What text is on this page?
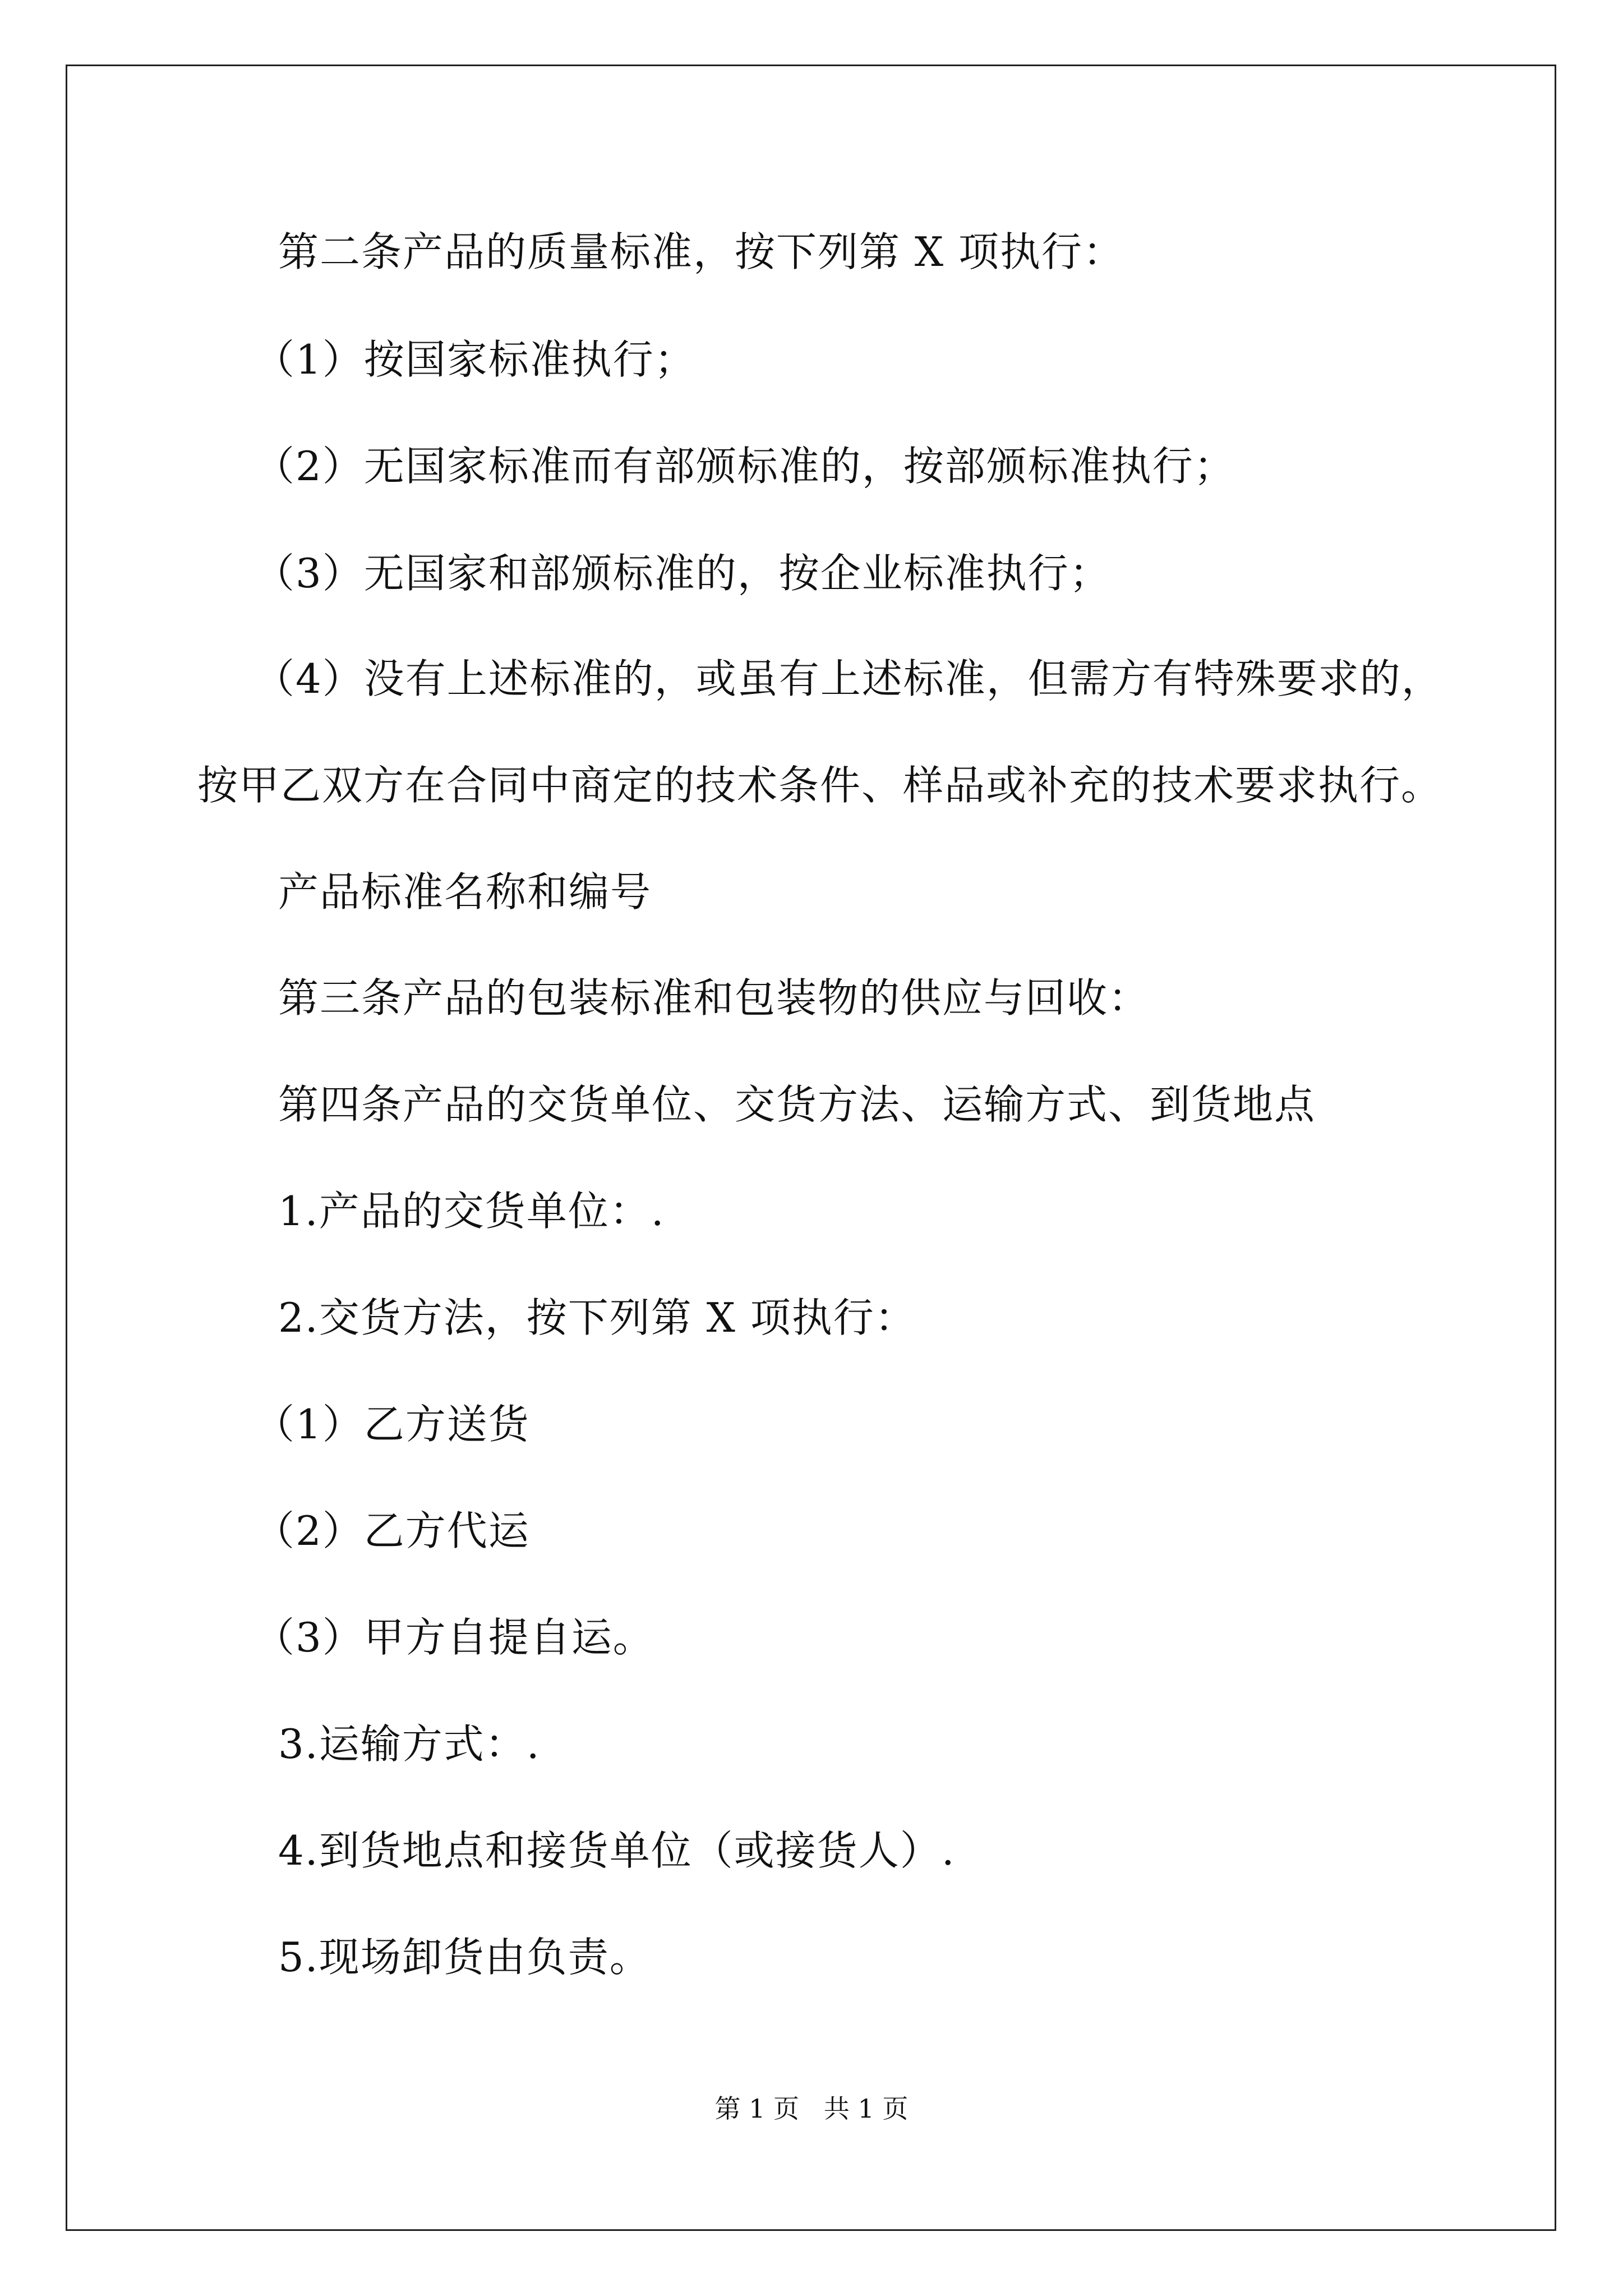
第二条产品的质量标准，按下列第 X 项执行：
（1）按国家标准执行；
（2）无国家标准而有部颁标准的，按部颁标准执行；
（3）无国家和部颁标准的，按企业标准执行；
（4）没有上述标准的，或虽有上述标准，但需方有特殊要求的，
按甲乙双方在合同中商定的技术条件、样品或补充的技术要求执行。
产品标准名称和编号
第三条产品的包装标准和包装物的供应与回收：
第四条产品的交货单位、交货方法、运输方式、到货地点
1.产品的交货单位：.
2.交货方法，按下列第 X 项执行：
（1）乙方送货
（2）乙方代运
（3）甲方自提自运。
3.运输方式：.
4.到货地点和接货单位（或接货人）.
5.现场卸货由负责。
第 1 页   共 1 页
